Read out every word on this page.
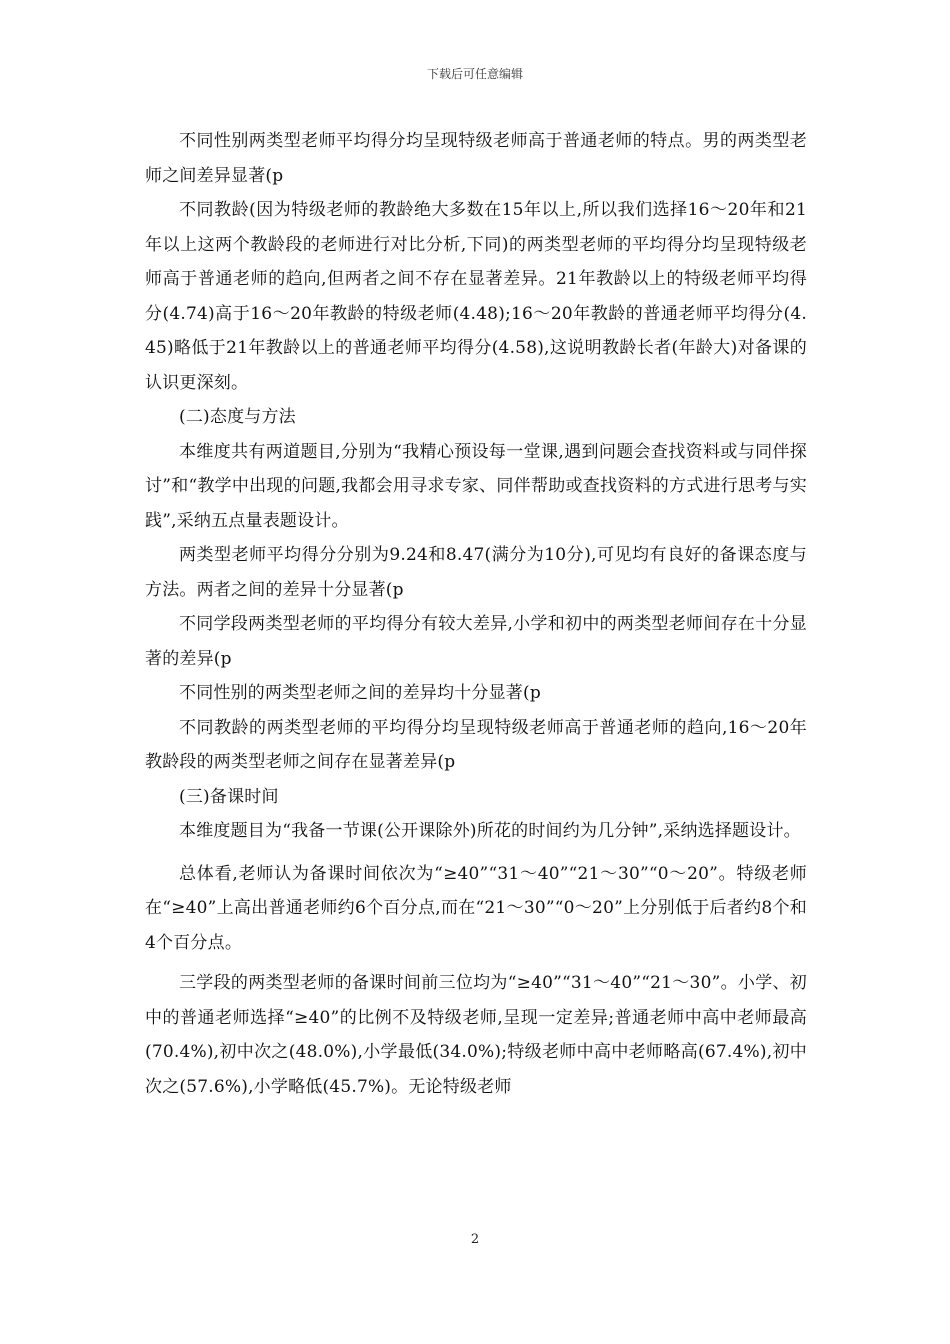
下载后可任意编辑

不同性别两类型老师平均得分均呈现特级老师高于普通老师的特点。男的两类型老师之间差异显著(p

不同教龄(因为特级老师的教龄绝大多数在15年以上,所以我们选择16～20年和21年以上这两个教龄段的老师进行对比分析,下同)的两类型老师的平均得分均呈现特级老师高于普通老师的趋向,但两者之间不存在显著差异。21年教龄以上的特级老师平均得分(4.74)高于16～20年教龄的特级老师(4.48);16～20年教龄的普通老师平均得分(4.45)略低于21年教龄以上的普通老师平均得分(4.58),这说明教龄长者(年龄大)对备课的认识更深刻。

(二)态度与方法

本维度共有两道题目,分别为“我精心预设每一堂课,遇到问题会查找资料或与同伴探讨”和“教学中出现的问题,我都会用寻求专家、同伴帮助或查找资料的方式进行思考与实践”,采纳五点量表题设计。

两类型老师平均得分分别为9.24和8.47(满分为10分),可见均有良好的备课态度与方法。两者之间的差异十分显著(p

不同学段两类型老师的平均得分有较大差异,小学和初中的两类型老师间存在十分显著的差异(p

不同性别的两类型老师之间的差异均十分显著(p

不同教龄的两类型老师的平均得分均呈现特级老师高于普通老师的趋向,16～20年教龄段的两类型老师之间存在显著差异(p

(三)备课时间

本维度题目为“我备一节课(公开课除外)所花的时间约为几分钟”,采纳选择题设计。

总体看,老师认为备课时间依次为“≥40”“31～40”“21～30”“0～20”。特级老师在“≥40”上高出普通老师约6个百分点,而在“21～30”“0～20”上分别低于后者约8个和4个百分点。

三学段的两类型老师的备课时间前三位均为“≥40”“31～40”“21～30”。小学、初中的普通老师选择“≥40”的比例不及特级老师,呈现一定差异;普通老师中高中老师最高(70.4%),初中次之(48.0%),小学最低(34.0%);特级老师中高中老师略高(67.4%),初中次之(57.6%),小学略低(45.7%)。无论特级老师

2
